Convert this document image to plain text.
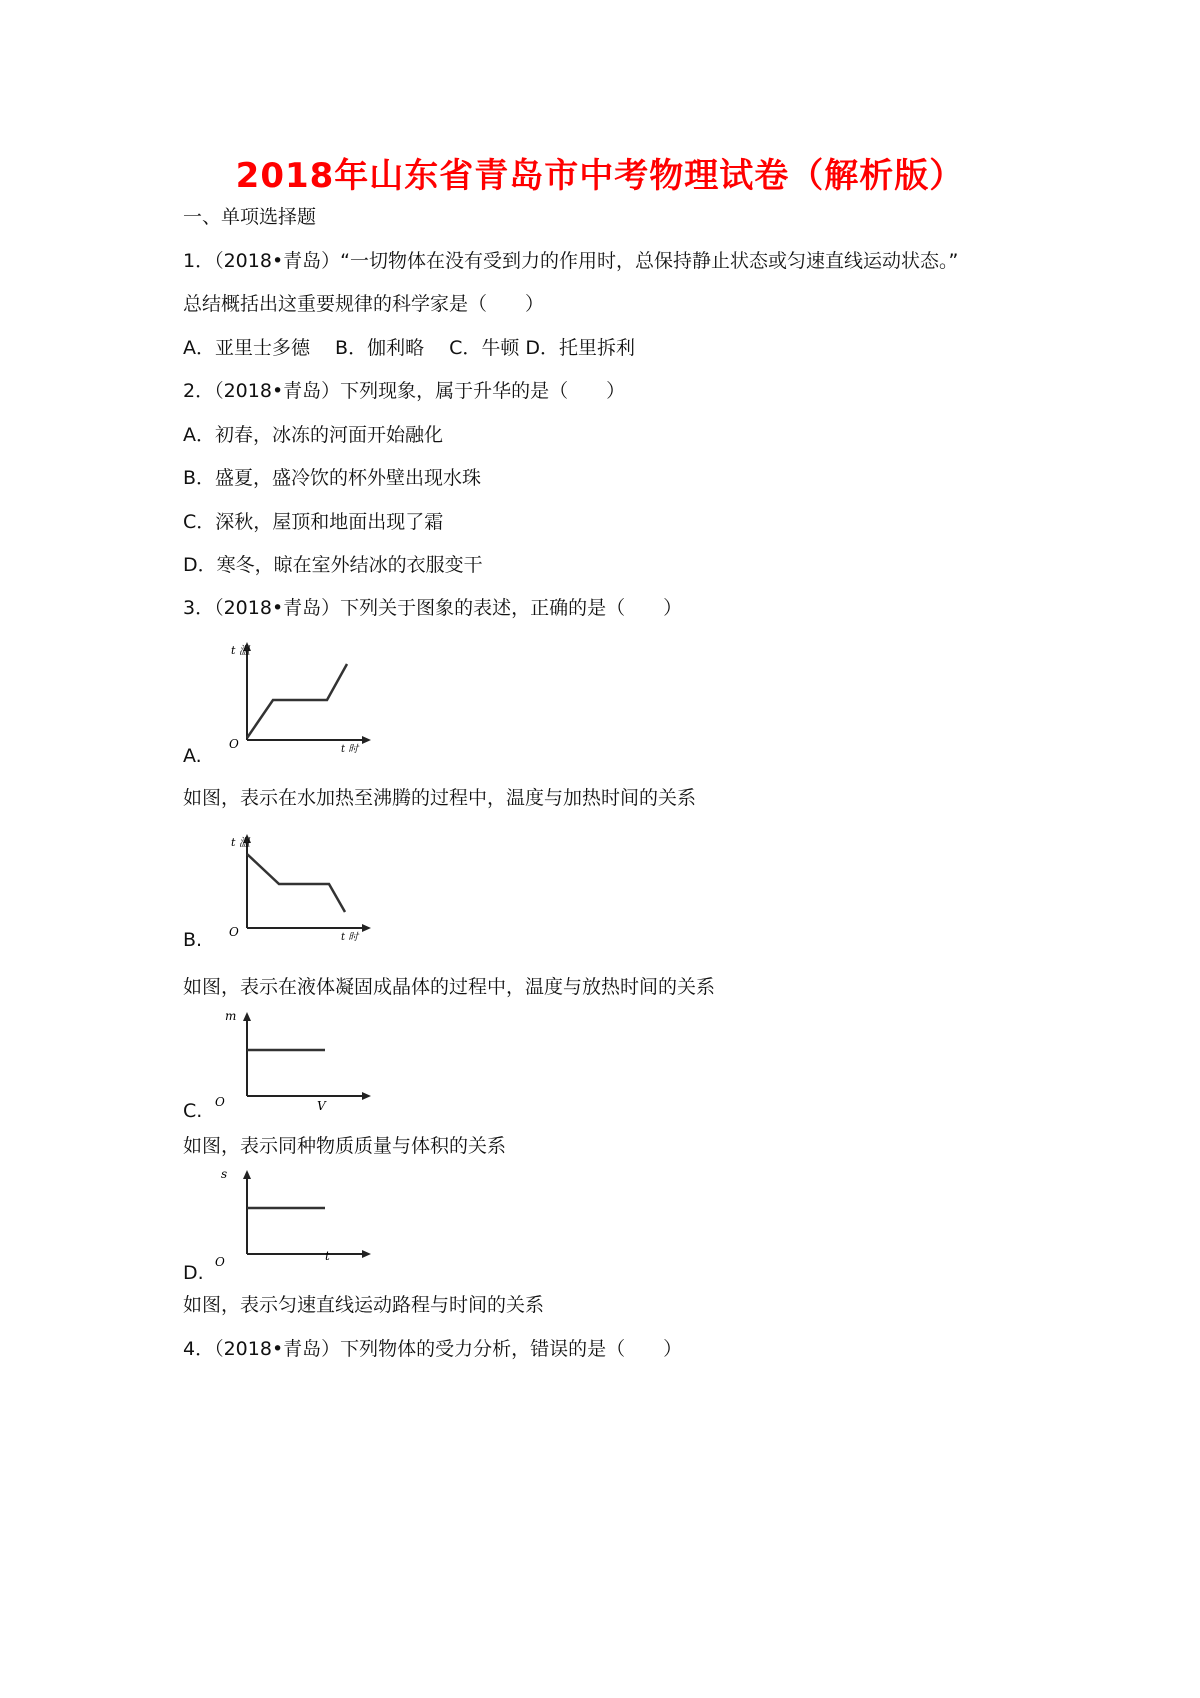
2018年山东省青岛市中考物理试卷（解析版）
一、单项选择题
1．（2018•青岛）“一切物体在没有受到力的作用时，总保持静止状态或匀速直线运动状态。”
总结概括出这重要规律的科学家是（　　）
A．亚里士多德　 B．伽利略　 C．牛顿 D．托里拆利
2．（2018•青岛）下列现象，属于升华的是（　　）
A．初春，冰冻的河面开始融化
B．盛夏，盛冷饮的杯外壁出现水珠
C．深秋，屋顶和地面出现了霜
D．寒冬，晾在室外结冰的衣服变干
3．（2018•青岛）下列关于图象的表述，正确的是（　　）
t 温
O	t 时
A.
如图，表示在水加热至沸腾的过程中，温度与加热时间的关系
t 温
O	t 时
B.
如图，表示在液体凝固成晶体的过程中，温度与放热时间的关系
m
O	V
C.
如图，表示同种物质质量与体积的关系
s
O	t
D.
如图，表示匀速直线运动路程与时间的关系
4．（2018•青岛）下列物体的受力分析，错误的是（　　）
